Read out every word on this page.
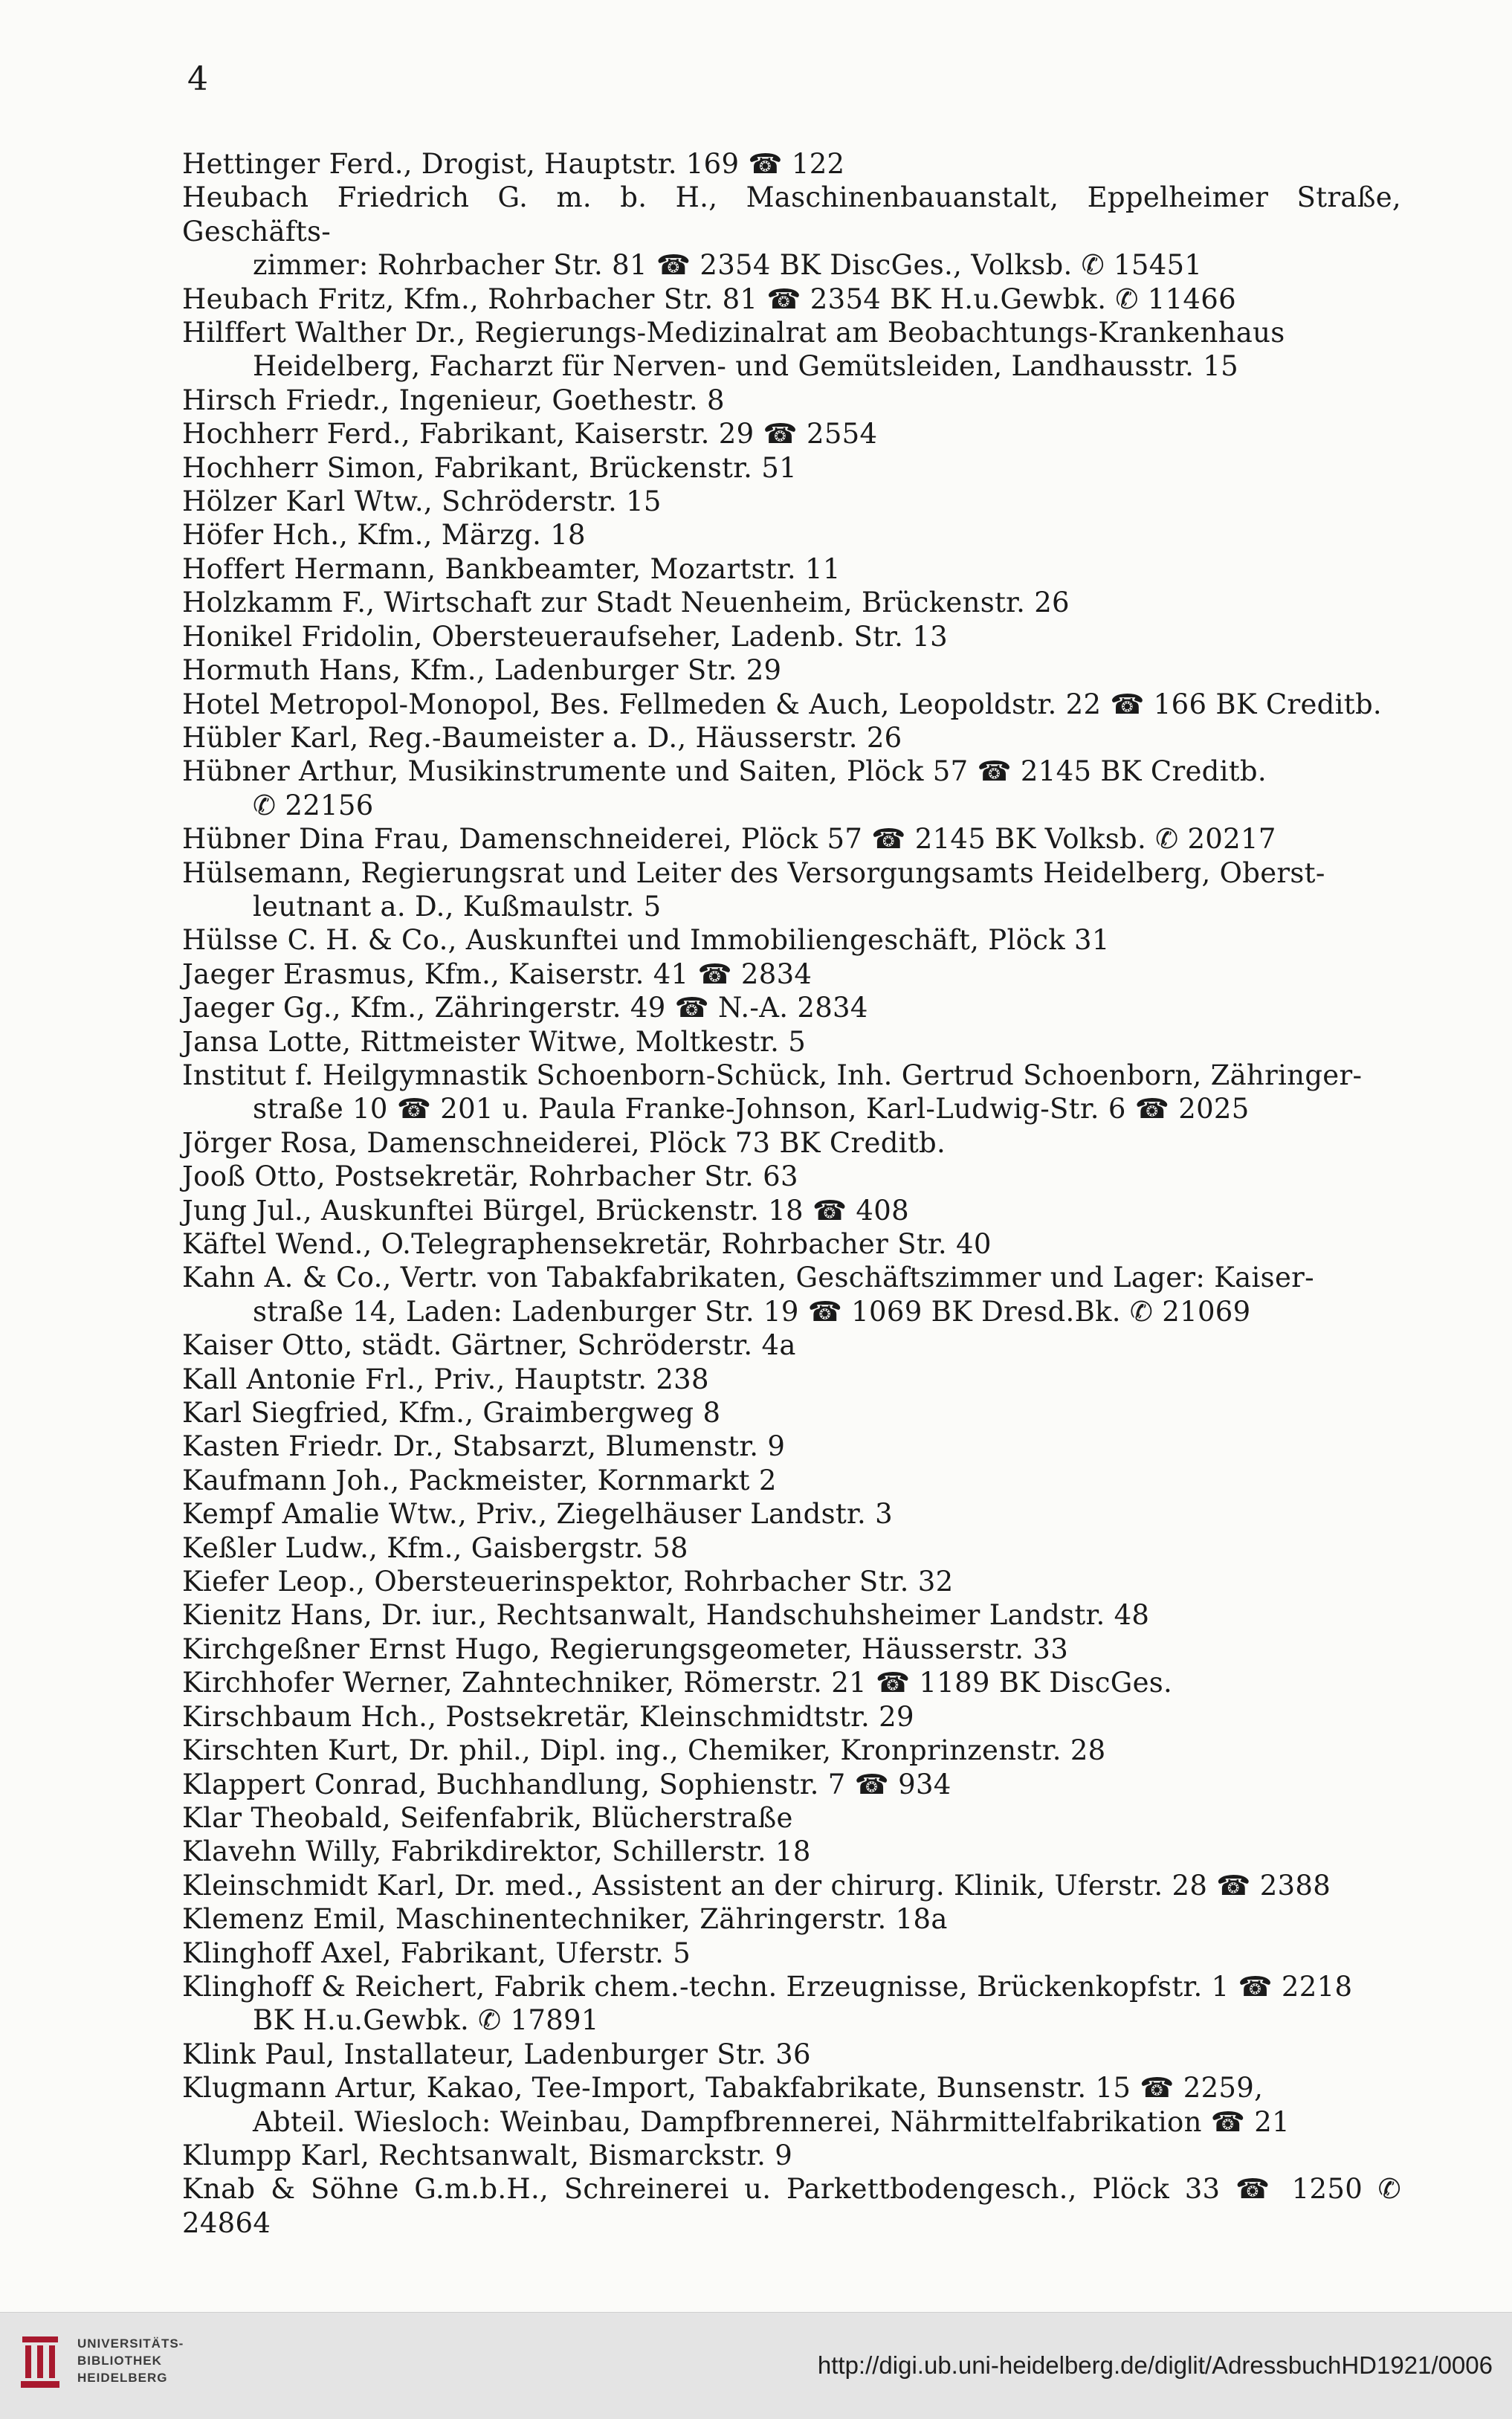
4
Hettinger Ferd., Drogist, Hauptstr. 169 ☎ 122
Heubach Friedrich G. m. b. H., Maschinenbauanstalt, Eppelheimer Straße, Geschäfts-
zimmer: Rohrbacher Str. 81 ☎ 2354 BK DiscGes., Volksb. ✆ 15451
Heubach Fritz, Kfm., Rohrbacher Str. 81 ☎ 2354 BK H.u.Gewbk. ✆ 11466
Hilffert Walther Dr., Regierungs-Medizinalrat am Beobachtungs-Krankenhaus
Heidelberg, Facharzt für Nerven- und Gemütsleiden, Landhausstr. 15
Hirsch Friedr., Ingenieur, Goethestr. 8
Hochherr Ferd., Fabrikant, Kaiserstr. 29 ☎ 2554
Hochherr Simon, Fabrikant, Brückenstr. 51
Hölzer Karl Wtw., Schröderstr. 15
Höfer Hch., Kfm., Märzg. 18
Hoffert Hermann, Bankbeamter, Mozartstr. 11
Holzkamm F., Wirtschaft zur Stadt Neuenheim, Brückenstr. 26
Honikel Fridolin, Obersteueraufseher, Ladenb. Str. 13
Hormuth Hans, Kfm., Ladenburger Str. 29
Hotel Metropol-Monopol, Bes. Fellmeden & Auch, Leopoldstr. 22 ☎ 166 BK Creditb.
Hübler Karl, Reg.-Baumeister a. D., Häusserstr. 26
Hübner Arthur, Musikinstrumente und Saiten, Plöck 57 ☎ 2145 BK Creditb.
✆ 22156
Hübner Dina Frau, Damenschneiderei, Plöck 57 ☎ 2145 BK Volksb. ✆ 20217
Hülsemann, Regierungsrat und Leiter des Versorgungsamts Heidelberg, Oberst-
leutnant a. D., Kußmaulstr. 5
Hülsse C. H. & Co., Auskunftei und Immobiliengeschäft, Plöck 31
Jaeger Erasmus, Kfm., Kaiserstr. 41 ☎ 2834
Jaeger Gg., Kfm., Zähringerstr. 49 ☎ N.-A. 2834
Jansa Lotte, Rittmeister Witwe, Moltkestr. 5
Institut f. Heilgymnastik Schoenborn-Schück, Inh. Gertrud Schoenborn, Zähringer-
straße 10 ☎ 201 u. Paula Franke-Johnson, Karl-Ludwig-Str. 6 ☎ 2025
Jörger Rosa, Damenschneiderei, Plöck 73 BK Creditb.
Jooß Otto, Postsekretär, Rohrbacher Str. 63
Jung Jul., Auskunftei Bürgel, Brückenstr. 18 ☎ 408
Käftel Wend., O.Telegraphensekretär, Rohrbacher Str. 40
Kahn A. & Co., Vertr. von Tabakfabrikaten, Geschäftszimmer und Lager: Kaiser-
straße 14, Laden: Ladenburger Str. 19 ☎ 1069 BK Dresd.Bk. ✆ 21069
Kaiser Otto, städt. Gärtner, Schröderstr. 4a
Kall Antonie Frl., Priv., Hauptstr. 238
Karl Siegfried, Kfm., Graimbergweg 8
Kasten Friedr. Dr., Stabsarzt, Blumenstr. 9
Kaufmann Joh., Packmeister, Kornmarkt 2
Kempf Amalie Wtw., Priv., Ziegelhäuser Landstr. 3
Keßler Ludw., Kfm., Gaisbergstr. 58
Kiefer Leop., Obersteuerinspektor, Rohrbacher Str. 32
Kienitz Hans, Dr. iur., Rechtsanwalt, Handschuhsheimer Landstr. 48
Kirchgeßner Ernst Hugo, Regierungsgeometer, Häusserstr. 33
Kirchhofer Werner, Zahntechniker, Römerstr. 21 ☎ 1189 BK DiscGes.
Kirschbaum Hch., Postsekretär, Kleinschmidtstr. 29
Kirschten Kurt, Dr. phil., Dipl. ing., Chemiker, Kronprinzenstr. 28
Klappert Conrad, Buchhandlung, Sophienstr. 7 ☎ 934
Klar Theobald, Seifenfabrik, Blücherstraße
Klavehn Willy, Fabrikdirektor, Schillerstr. 18
Kleinschmidt Karl, Dr. med., Assistent an der chirurg. Klinik, Uferstr. 28 ☎ 2388
Klemenz Emil, Maschinentechniker, Zähringerstr. 18a
Klinghoff Axel, Fabrikant, Uferstr. 5
Klinghoff & Reichert, Fabrik chem.-techn. Erzeugnisse, Brückenkopfstr. 1 ☎ 2218
BK H.u.Gewbk. ✆ 17891
Klink Paul, Installateur, Ladenburger Str. 36
Klugmann Artur, Kakao, Tee-Import, Tabakfabrikate, Bunsenstr. 15 ☎ 2259,
Abteil. Wiesloch: Weinbau, Dampfbrennerei, Nährmittelfabrikation ☎ 21
Klumpp Karl, Rechtsanwalt, Bismarckstr. 9
Knab & Söhne G.m.b.H., Schreinerei u. Parkettbodengesch., Plöck 33 ☎ 1250 ✆ 24864
UNIVERSITÄTS-
BIBLIOTHEK
HEIDELBERG	http://digi.ub.uni-heidelberg.de/diglit/AdressbuchHD1921/0006
